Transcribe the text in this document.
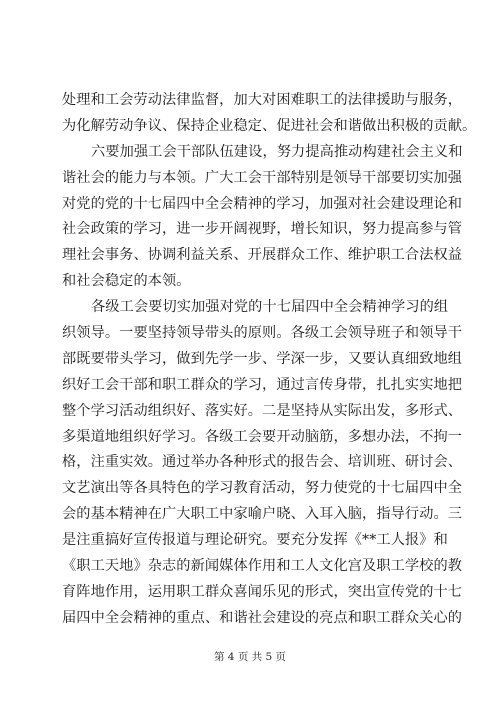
处理和工会劳动法律监督，加大对困难职工的法律援助与服务，
为化解劳动争议、保持企业稳定、促进社会和谐做出积极的贡献。
六要加强工会干部队伍建设，努力提高推动构建社会主义和
谐社会的能力与本领。广大工会干部特别是领导干部要切实加强
对党的党的十七届四中全会精神的学习，加强对社会建设理论和
社会政策的学习，进一步开阔视野，增长知识，努力提高参与管
理社会事务、协调利益关系、开展群众工作、维护职工合法权益
和社会稳定的本领。
各级工会要切实加强对党的十七届四中全会精神学习的组
织领导。一要坚持领导带头的原则。各级工会领导班子和领导干
部既要带头学习，做到先学一步、学深一步，又要认真细致地组
织好工会干部和职工群众的学习，通过言传身带，扎扎实实地把
整个学习活动组织好、落实好。二是坚持从实际出发，多形式、
多渠道地组织好学习。各级工会要开动脑筋，多想办法，不拘一
格，注重实效。通过举办各种形式的报告会、培训班、研讨会、
文艺演出等各具特色的学习教育活动，努力使党的十七届四中全
会的基本精神在广大职工中家喻户晓、入耳入脑，指导行动。三
是注重搞好宣传报道与理论研究。要充分发挥《**工人报》和
《职工天地》杂志的新闻媒体作用和工人文化宫及职工学校的教
育阵地作用，运用职工群众喜闻乐见的形式，突出宣传党的十七
届四中全会精神的重点、和谐社会建设的亮点和职工群众关心的
第 4 页 共 5 页
